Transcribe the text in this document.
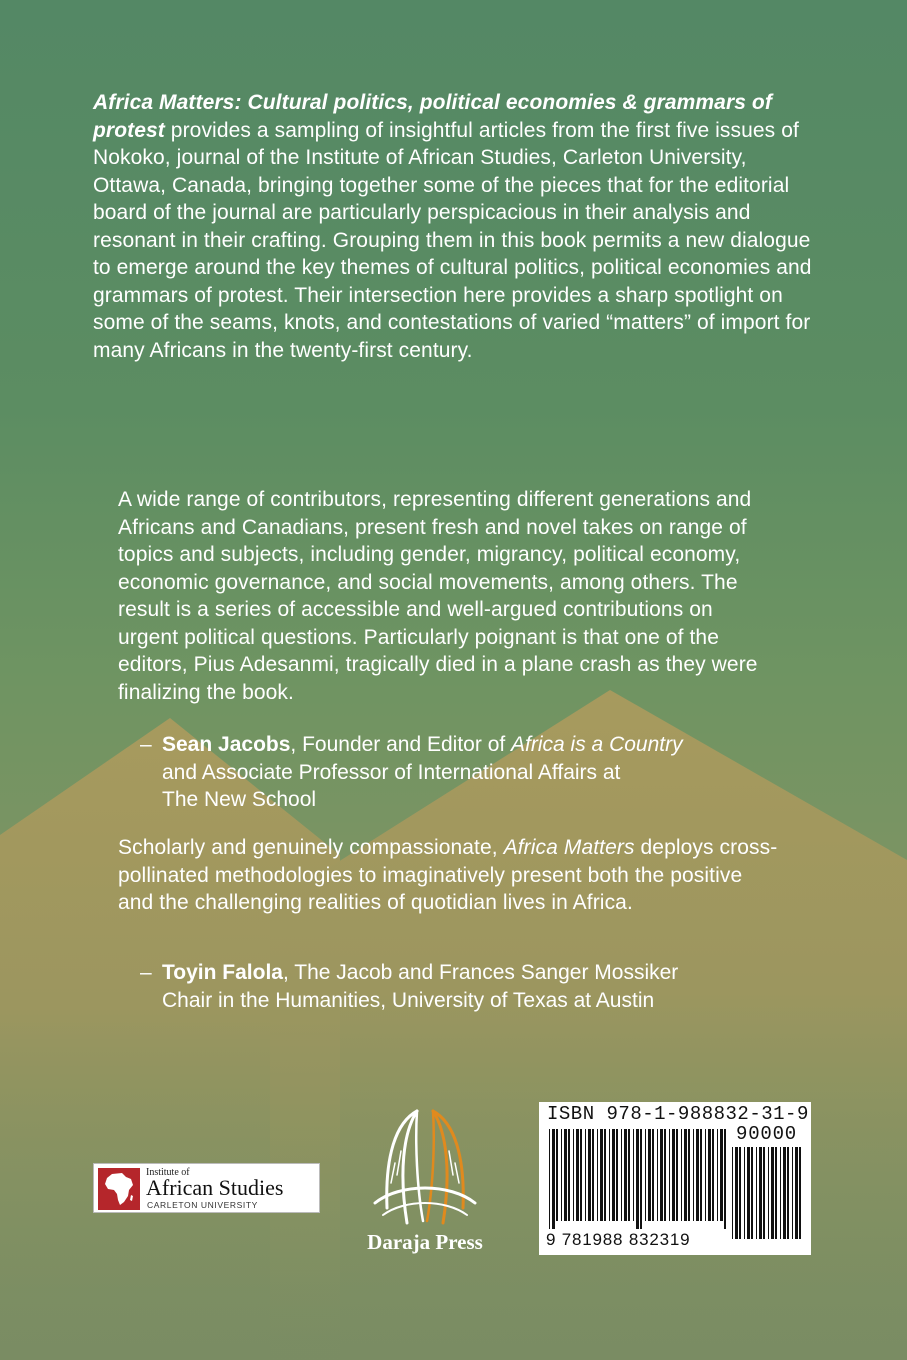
Africa Matters: Cultural politics, political economies & grammars of protest provides a sampling of insightful articles from the first five issues of Nokoko, journal of the Institute of African Studies, Carleton University, Ottawa, Canada, bringing together some of the pieces that for the editorial board of the journal are particularly perspicacious in their analysis and resonant in their crafting. Grouping them in this book permits a new dialogue to emerge around the key themes of cultural politics, political economies and grammars of protest. Their intersection here provides a sharp spotlight on some of the seams, knots, and contestations of varied “matters” of import for many Africans in the twenty-first century.
A wide range of contributors, representing different generations and Africans and Canadians, present fresh and novel takes on range of topics and subjects, including gender, migrancy, political economy, economic governance, and social movements, among others. The result is a series of accessible and well-argued contributions on urgent political questions. Particularly poignant is that one of the editors, Pius Adesanmi, tragically died in a plane crash as they were finalizing the book.
– Sean Jacobs, Founder and Editor of Africa is a Country
and Associate Professor of International Affairs at
The New School
Scholarly and genuinely compassionate, Africa Matters deploys cross-pollinated methodologies to imaginatively present both the positive and the challenging realities of quotidian lives in Africa.
– Toyin Falola, The Jacob and Frances Sanger Mossiker
Chair in the Humanities, University of Texas at Austin
Institute of
African Studies
CARLETON UNIVERSITY
Daraja Press
ISBN 978-1-988832-31-9
90000
9 781988 832319
